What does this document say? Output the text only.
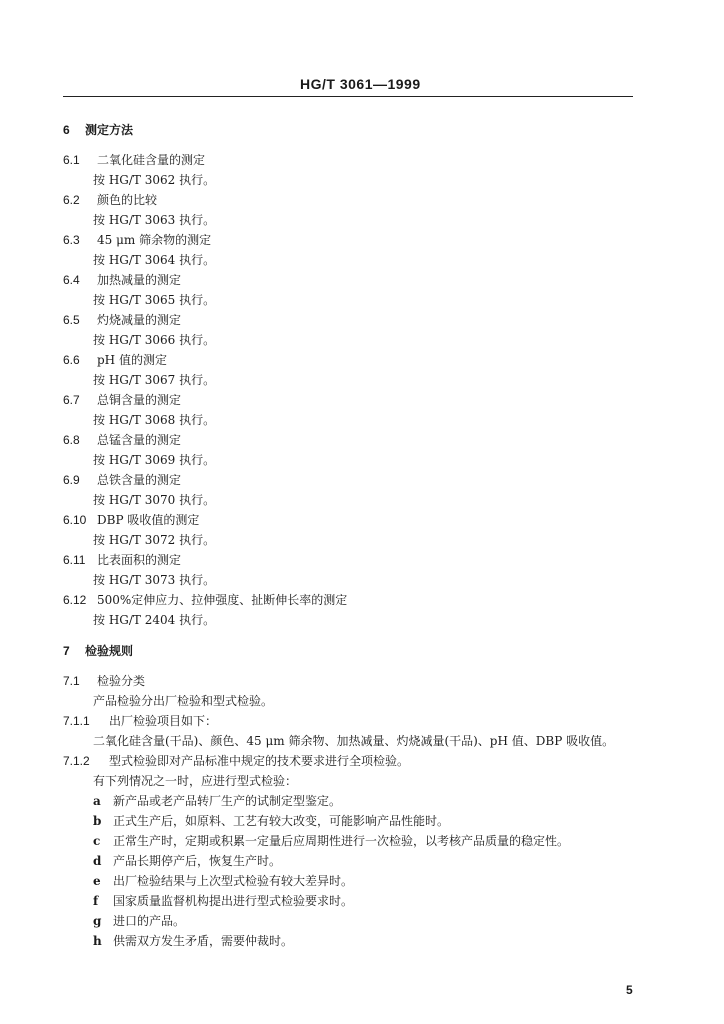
HG/T 3061—1999
6 测定方法
6.1 二氧化硅含量的测定
按 HG/T 3062 执行。
6.2 颜色的比较
按 HG/T 3063 执行。
6.3 45 μm 筛余物的测定
按 HG/T 3064 执行。
6.4 加热减量的测定
按 HG/T 3065 执行。
6.5 灼烧减量的测定
按 HG/T 3066 执行。
6.6 pH 值的测定
按 HG/T 3067 执行。
6.7 总铜含量的测定
按 HG/T 3068 执行。
6.8 总锰含量的测定
按 HG/T 3069 执行。
6.9 总铁含量的测定
按 HG/T 3070 执行。
6.10 DBP 吸收值的测定
按 HG/T 3072 执行。
6.11 比表面积的测定
按 HG/T 3073 执行。
6.12 500%定伸应力、拉伸强度、扯断伸长率的测定
按 HG/T 2404 执行。
7 检验规则
7.1 检验分类
产品检验分出厂检验和型式检验。
7.1.1 出厂检验项目如下：
二氧化硅含量(干品)、颜色、45 μm 筛余物、加热减量、灼烧减量(干品)、pH 值、DBP 吸收值。
7.1.2 型式检验即对产品标准中规定的技术要求进行全项检验。
有下列情况之一时，应进行型式检验：
a 新产品或老产品转厂生产的试制定型鉴定。
b 正式生产后，如原料、工艺有较大改变，可能影响产品性能时。
c 正常生产时，定期或积累一定量后应周期性进行一次检验，以考核产品质量的稳定性。
d 产品长期停产后，恢复生产时。
e 出厂检验结果与上次型式检验有较大差异时。
f 国家质量监督机构提出进行型式检验要求时。
g 进口的产品。
h 供需双方发生矛盾，需要仲裁时。
5
